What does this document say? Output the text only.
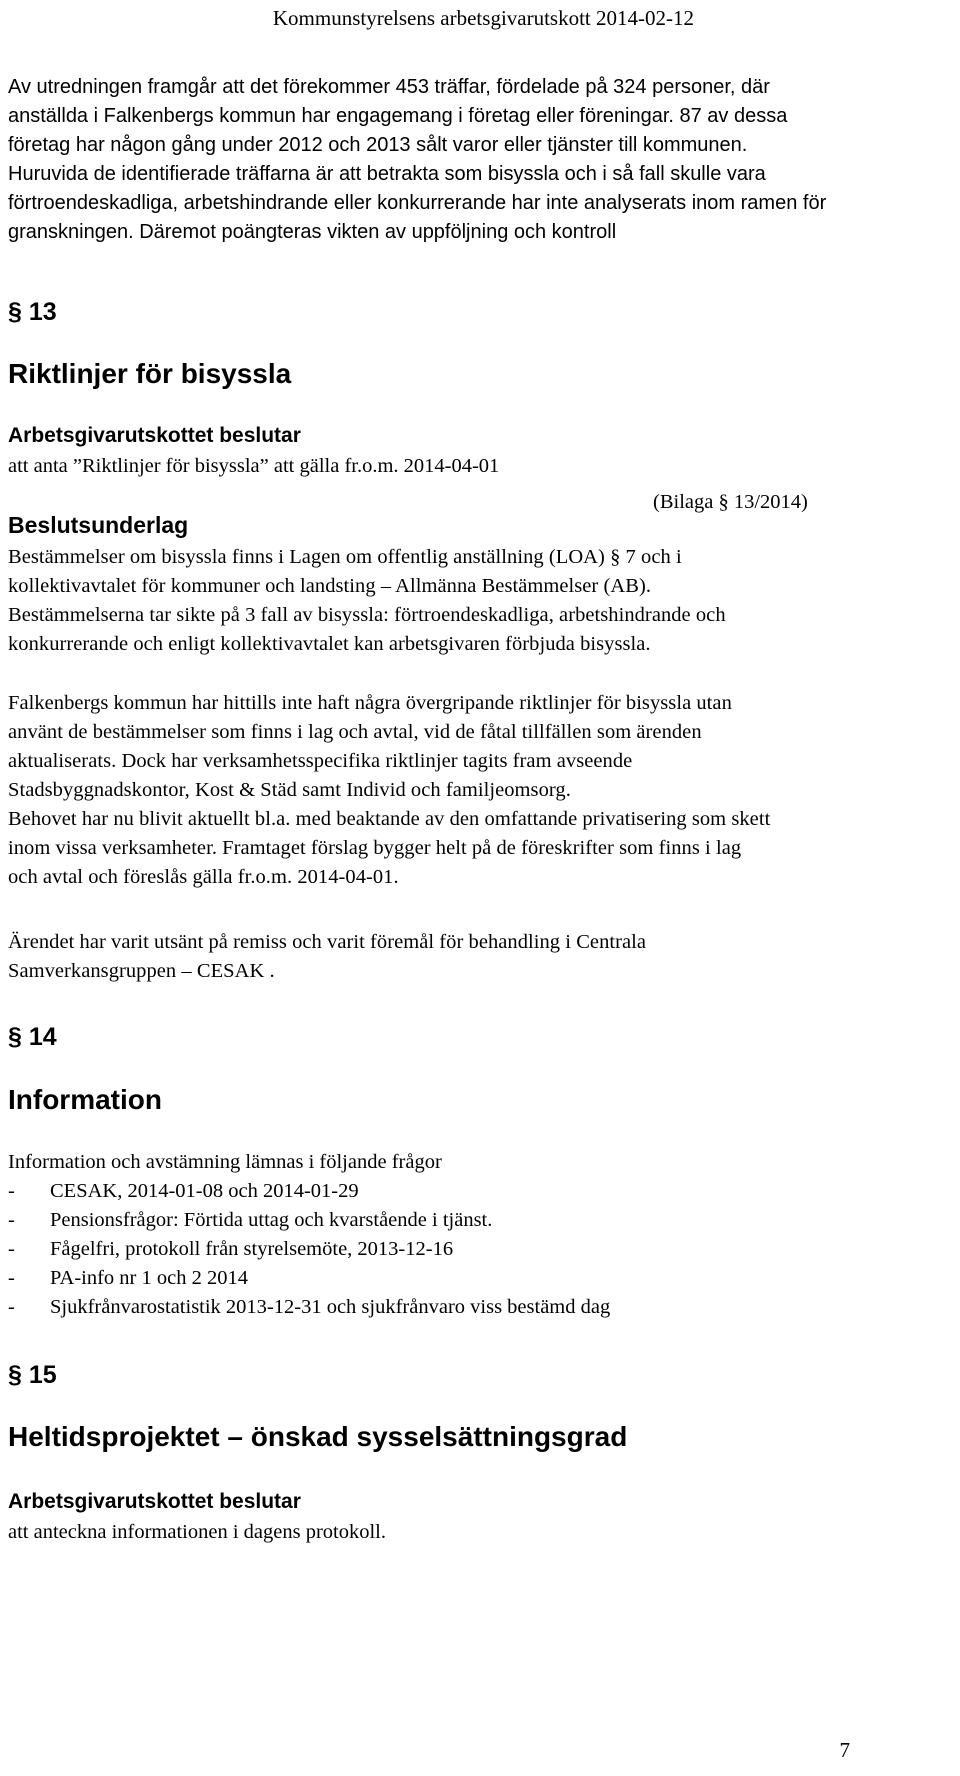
Kommunstyrelsens arbetsgivarutskott 2014-02-12
Av utredningen framgår att det förekommer 453 träffar, fördelade på 324 personer, där
anställda i Falkenbergs kommun har engagemang i företag eller föreningar. 87 av dessa
företag har någon gång under 2012 och 2013 sålt varor eller tjänster till kommunen.
Huruvida de identifierade träffarna är att betrakta som bisyssla och i så fall skulle vara
förtroendeskadliga, arbetshindrande eller konkurrerande har inte analyserats inom ramen för
granskningen. Däremot poängteras vikten av uppföljning och kontroll
§ 13
Riktlinjer för bisyssla
Arbetsgivarutskottet beslutar
att anta ”Riktlinjer för bisyssla” att gälla fr.o.m. 2014-04-01
(Bilaga § 13/2014)
Beslutsunderlag
Bestämmelser om bisyssla finns i Lagen om offentlig anställning (LOA) § 7 och i
kollektivavtalet för kommuner och landsting – Allmänna Bestämmelser (AB).
Bestämmelserna tar sikte på 3 fall av bisyssla: förtroendeskadliga, arbetshindrande och
konkurrerande och enligt kollektivavtalet kan arbetsgivaren förbjuda bisyssla.
Falkenbergs kommun har hittills inte haft några övergripande riktlinjer för bisyssla utan
använt de bestämmelser som finns i lag och avtal, vid de fåtal tillfällen som ärenden
aktualiserats. Dock har verksamhetsspecifika riktlinjer tagits fram avseende
Stadsbyggnadskontor, Kost & Städ samt Individ och familjeomsorg.
Behovet har nu blivit aktuellt bl.a. med beaktande av den omfattande privatisering som skett
inom vissa verksamheter. Framtaget förslag bygger helt på de föreskrifter som finns i lag
och avtal och föreslås gälla fr.o.m. 2014-04-01.
Ärendet har varit utsänt på remiss och varit föremål för behandling i Centrala
Samverkansgruppen – CESAK .
§ 14
Information
Information och avstämning lämnas i följande frågor
- CESAK, 2014-01-08 och 2014-01-29
- Pensionsfrågor: Förtida uttag och kvarstående i tjänst.
- Fågelfri, protokoll från styrelsemöte, 2013-12-16
- PA-info nr 1 och 2 2014
- Sjukfrånvarostatistik 2013-12-31 och sjukfrånvaro viss bestämd dag
§ 15
Heltidsprojektet – önskad sysselsättningsgrad
Arbetsgivarutskottet beslutar
att anteckna informationen i dagens protokoll.
7
